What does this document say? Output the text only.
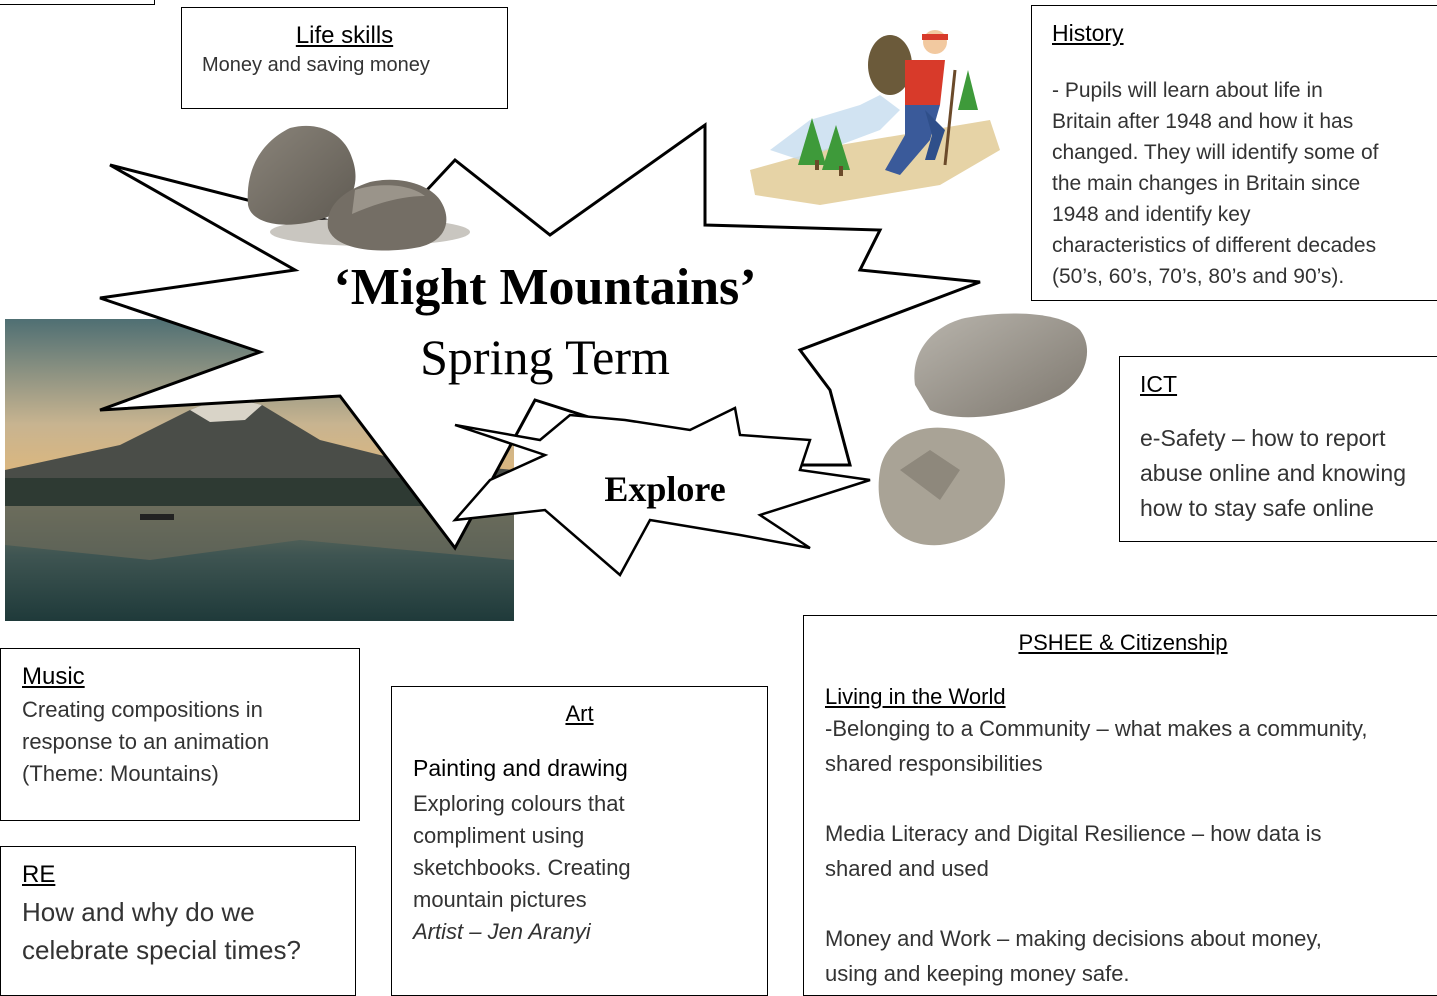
‘Might Mountains’
Spring Term
Explore
Life skills
Money and saving money
History
- Pupils will learn about life in
Britain after 1948 and how it has
changed. They will identify some of
the main changes in Britain since
1948 and identify key
characteristics of different decades
(50’s, 60’s, 70’s, 80’s and 90’s).
ICT
e-Safety – how to report
abuse online and knowing
how to stay safe online
Music
Creating compositions in
response to an animation
(Theme: Mountains)
RE
How and why do we
celebrate special times?
Art
Painting and drawing
Exploring colours that
compliment using
sketchbooks. Creating
mountain pictures
Artist – Jen Aranyi
PSHEE & Citizenship
Living in the World
-Belonging to a Community – what makes a community,
shared responsibilities
Media Literacy and Digital Resilience – how data is
shared and used
Money and Work – making decisions about money,
using and keeping money safe.
